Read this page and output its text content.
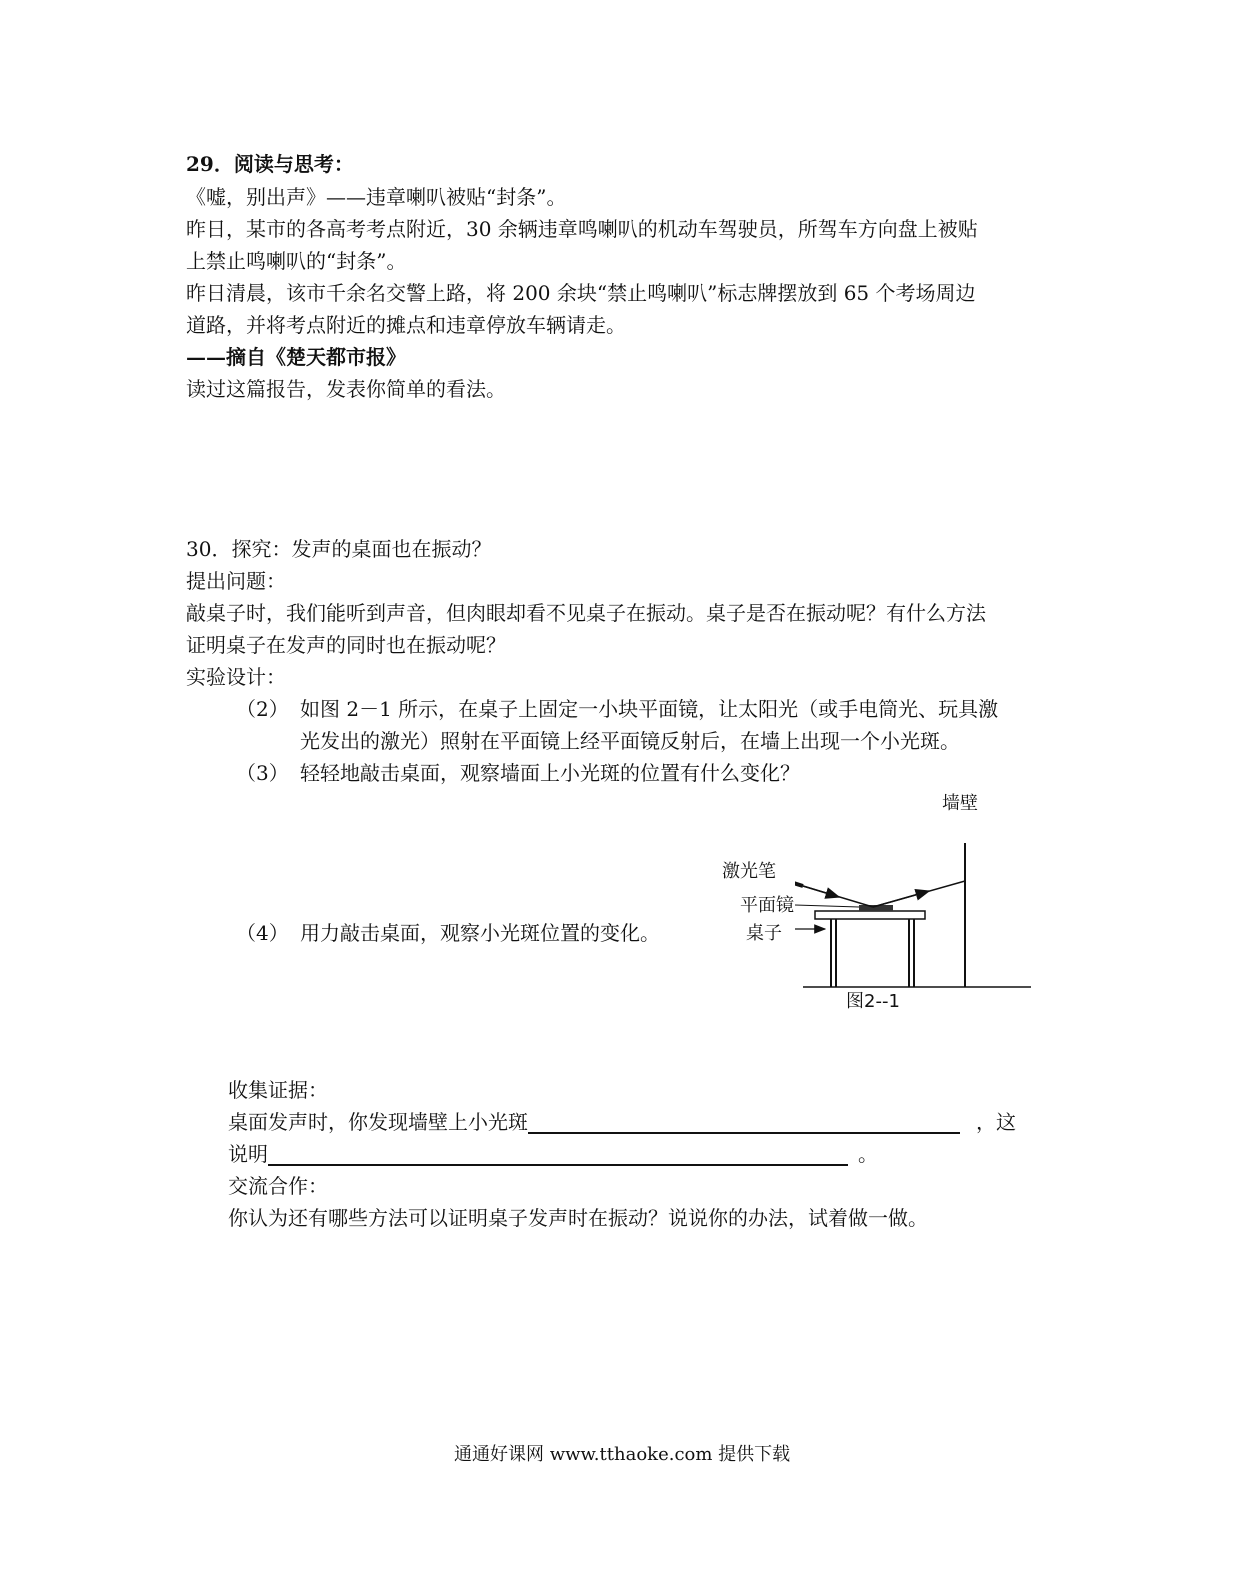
29．阅读与思考：
《嘘，别出声》——违章喇叭被贴“封条”。
昨日，某市的各高考考点附近，30 余辆违章鸣喇叭的机动车驾驶员，所驾车方向盘上被贴
上禁止鸣喇叭的“封条”。
昨日清晨，该市千余名交警上路，将 200 余块“禁止鸣喇叭”标志牌摆放到 65 个考场周边
道路，并将考点附近的摊点和违章停放车辆请走。
——摘自《楚天都市报》
读过这篇报告，发表你简单的看法。
30．探究：发声的桌面也在振动？
提出问题：
敲桌子时，我们能听到声音，但肉眼却看不见桌子在振动。桌子是否在振动呢？有什么方法
证明桌子在发声的同时也在振动呢？
实验设计：
（2） 如图 2－1 所示，在桌子上固定一小块平面镜，让太阳光（或手电筒光、玩具激
光发出的激光）照射在平面镜上经平面镜反射后，在墙上出现一个小光斑。
（3） 轻轻地敲击桌面，观察墙面上小光斑的位置有什么变化？
（4） 用力敲击桌面，观察小光斑位置的变化。
墙壁
激光笔
平面镜
桌子
图2--1
收集证据：
桌面发声时，你发现墙壁上小光斑	，这
说明	。
交流合作：
你认为还有哪些方法可以证明桌子发声时在振动？说说你的办法，试着做一做。
通通好课网 www.tthaoke.com 提供下载
